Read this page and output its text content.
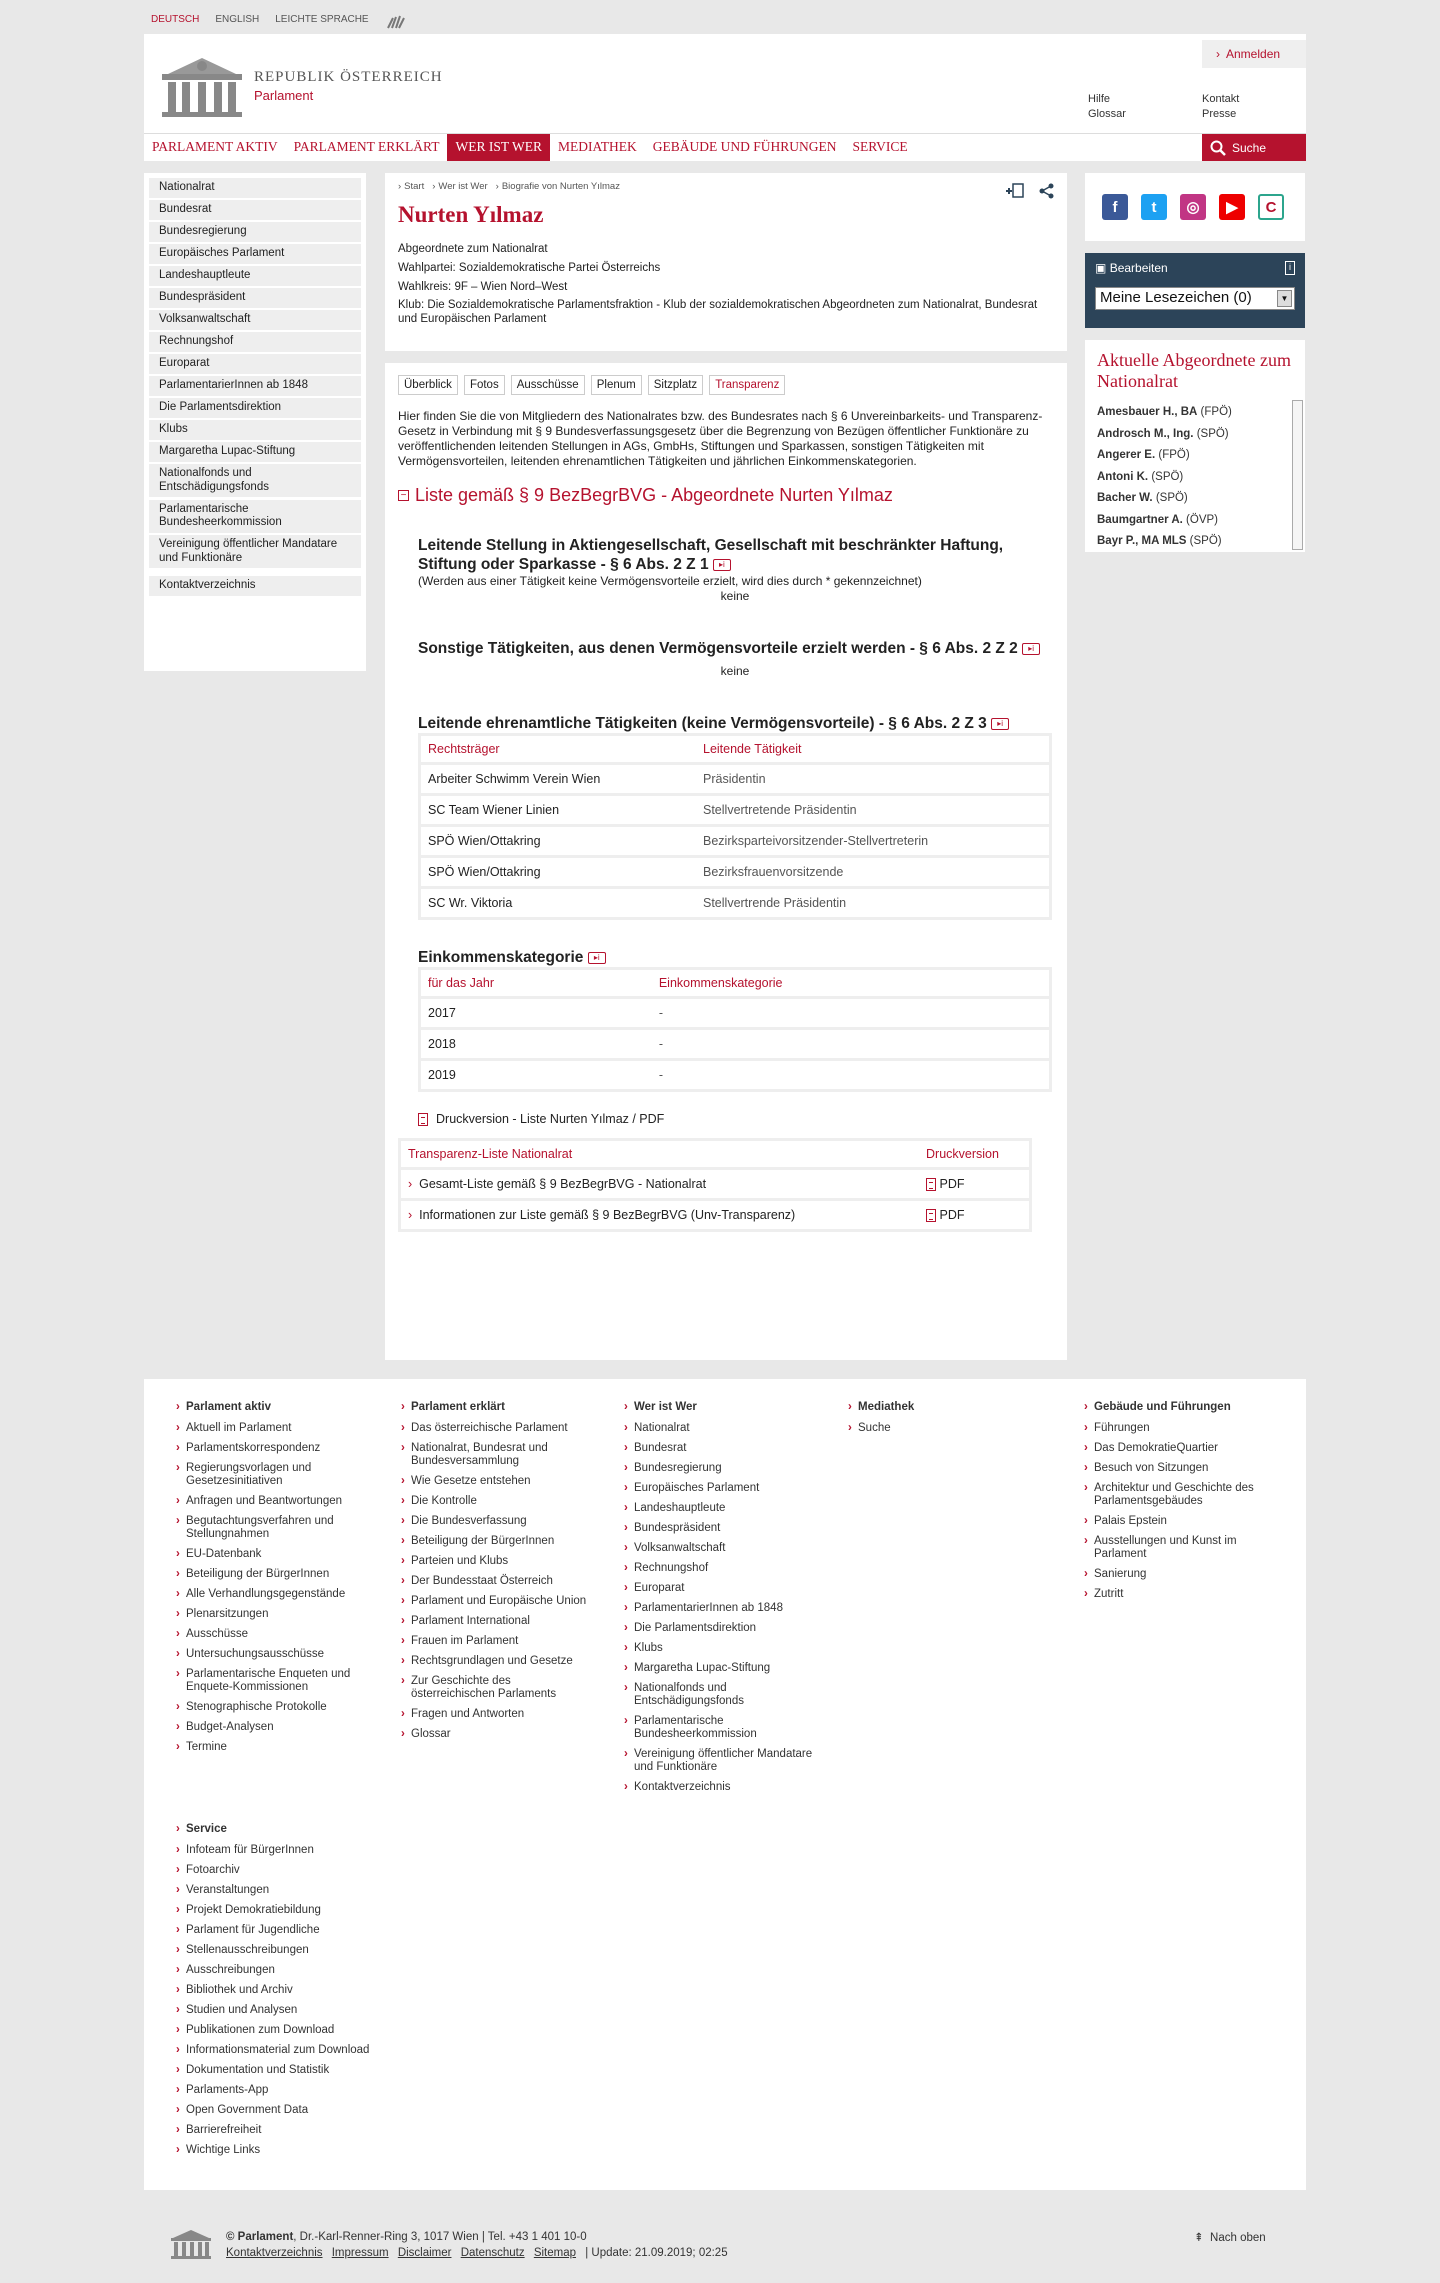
DEUTSCH ENGLISH LEICHTE SPRACHE
REPUBLIK ÖSTERREICH
Parlament
› Anmelden
Hilfe
Glossar
Kontakt
Presse
PARLAMENT AKTIV	PARLAMENT ERKLÄRT	WER IST WER	MEDIATHEK	GEBÄUDE UND FÜHRUNGEN	SERVICE	Suche
Nationalrat
Bundesrat
Bundesregierung
Europäisches Parlament
Landeshauptleute
Bundespräsident
Volksanwaltschaft
Rechnungshof
Europarat
ParlamentarierInnen ab 1848
Die Parlamentsdirektion
Klubs
Margaretha Lupac-Stiftung
Nationalfonds und Entschädigungsfonds
Parlamentarische Bundesheerkommission
Vereinigung öffentlicher Mandatare und Funktionäre
Kontaktverzeichnis
› Start	› Wer ist Wer	› Biografie von Nurten Yılmaz
Nurten Yılmaz
Abgeordnete zum Nationalrat
Wahlpartei: Sozialdemokratische Partei Österreichs
Wahlkreis: 9F – Wien Nord–West
Klub: Die Sozialdemokratische Parlamentsfraktion - Klub der sozialdemokratischen Abgeordneten zum Nationalrat, Bundesrat und Europäischen Parlament
Überblick	Fotos	Ausschüsse	Plenum	Sitzplatz	Transparenz

Hier finden Sie die von Mitgliedern des Nationalrates bzw. des Bundesrates nach § 6 Unvereinbarkeits- und Transparenz-Gesetz in Verbindung mit § 9 Bundesverfassungsgesetz über die Begrenzung von Bezügen öffentlicher Funktionäre zu veröffentlichenden leitenden Stellungen in AGs, GmbHs, Stiftungen und Sparkassen, sonstigen Tätigkeiten mit Vermögensvorteilen, leitenden ehrenamtlichen Tätigkeiten und jährlichen Einkommenskategorien.

− Liste gemäß § 9 BezBegrBVG - Abgeordnete Nurten Yılmaz
Leitende Stellung in Aktiengesellschaft, Gesellschaft mit beschränkter Haftung, Stiftung oder Sparkasse - § 6 Abs. 2 Z 1 ▸i
(Werden aus einer Tätigkeit keine Vermögensvorteile erzielt, wird dies durch * gekennzeichnet)
keine
Sonstige Tätigkeiten, aus denen Vermögensvorteile erzielt werden - § 6 Abs. 2 Z 2 ▸i
keine
Leitende ehrenamtliche Tätigkeiten (keine Vermögensvorteile) - § 6 Abs. 2 Z 3 ▸i
Rechtsträger	Leitende Tätigkeit
Arbeiter Schwimm Verein Wien	Präsidentin
SC Team Wiener Linien	Stellvertretende Präsidentin
SPÖ Wien/Ottakring	Bezirksparteivorsitzender-Stellvertreterin
SPÖ Wien/Ottakring	Bezirksfrauenvorsitzende
SC Wr. Viktoria	Stellvertrende Präsidentin
Einkommenskategorie ▸i
für das Jahr	Einkommenskategorie
2017	-
2018	-
2019	-
Druckversion - Liste Nurten Yılmaz / PDF
Transparenz-Liste Nationalrat	Druckversion
› Gesamt-Liste gemäß § 9 BezBegrBVG - Nationalrat	PDF
› Informationen zur Liste gemäß § 9 BezBegrBVG (Unv-Transparenz)	PDF
f	t	◎	▶	C
▣ Bearbeiten	i
Meine Lesezeichen (0)	▼
Aktuelle Abgeordnete zum Nationalrat
Amesbauer H., BA (FPÖ)
Androsch M., Ing. (SPÖ)
Angerer E. (FPÖ)
Antoni K. (SPÖ)
Bacher W. (SPÖ)
Baumgartner A. (ÖVP)
Bayr P., MA MLS (SPÖ)
› Parlament aktiv
› Aktuell im Parlament
› Parlamentskorrespondenz
› Regierungsvorlagen und Gesetzesinitiativen
› Anfragen und Beantwortungen
› Begutachtungsverfahren und Stellungnahmen
› EU-Datenbank
› Beteiligung der BürgerInnen
› Alle Verhandlungsgegenstände
› Plenarsitzungen
› Ausschüsse
› Untersuchungsausschüsse
› Parlamentarische Enqueten und Enquete-Kommissionen
› Stenographische Protokolle
› Budget-Analysen
› Termine
› Parlament erklärt
› Das österreichische Parlament
› Nationalrat, Bundesrat und Bundesversammlung
› Wie Gesetze entstehen
› Die Kontrolle
› Die Bundesverfassung
› Beteiligung der BürgerInnen
› Parteien und Klubs
› Der Bundesstaat Österreich
› Parlament und Europäische Union
› Parlament International
› Frauen im Parlament
› Rechtsgrundlagen und Gesetze
› Zur Geschichte des österreichischen Parlaments
› Fragen und Antworten
› Glossar
› Wer ist Wer
› Nationalrat
› Bundesrat
› Bundesregierung
› Europäisches Parlament
› Landeshauptleute
› Bundespräsident
› Volksanwaltschaft
› Rechnungshof
› Europarat
› ParlamentarierInnen ab 1848
› Die Parlamentsdirektion
› Klubs
› Margaretha Lupac-Stiftung
› Nationalfonds und Entschädigungsfonds
› Parlamentarische Bundesheerkommission
› Vereinigung öffentlicher Mandatare und Funktionäre
› Kontaktverzeichnis
› Mediathek
› Suche
› Gebäude und Führungen
› Führungen
› Das DemokratieQuartier
› Besuch von Sitzungen
› Architektur und Geschichte des Parlamentsgebäudes
› Palais Epstein
› Ausstellungen und Kunst im Parlament
› Sanierung
› Zutritt
› Service
› Infoteam für BürgerInnen
› Fotoarchiv
› Veranstaltungen
› Projekt Demokratiebildung
› Parlament für Jugendliche
› Stellenausschreibungen
› Ausschreibungen
› Bibliothek und Archiv
› Studien und Analysen
› Publikationen zum Download
› Informationsmaterial zum Download
› Dokumentation und Statistik
› Parlaments-App
› Open Government Data
› Barrierefreiheit
› Wichtige Links
© Parlament, Dr.-Karl-Renner-Ring 3, 1017 Wien | Tel. +43 1 401 10-0
Kontaktverzeichnis Impressum Disclaimer Datenschutz Sitemap | Update: 21.09.2019; 02:25
⇞ Nach oben
